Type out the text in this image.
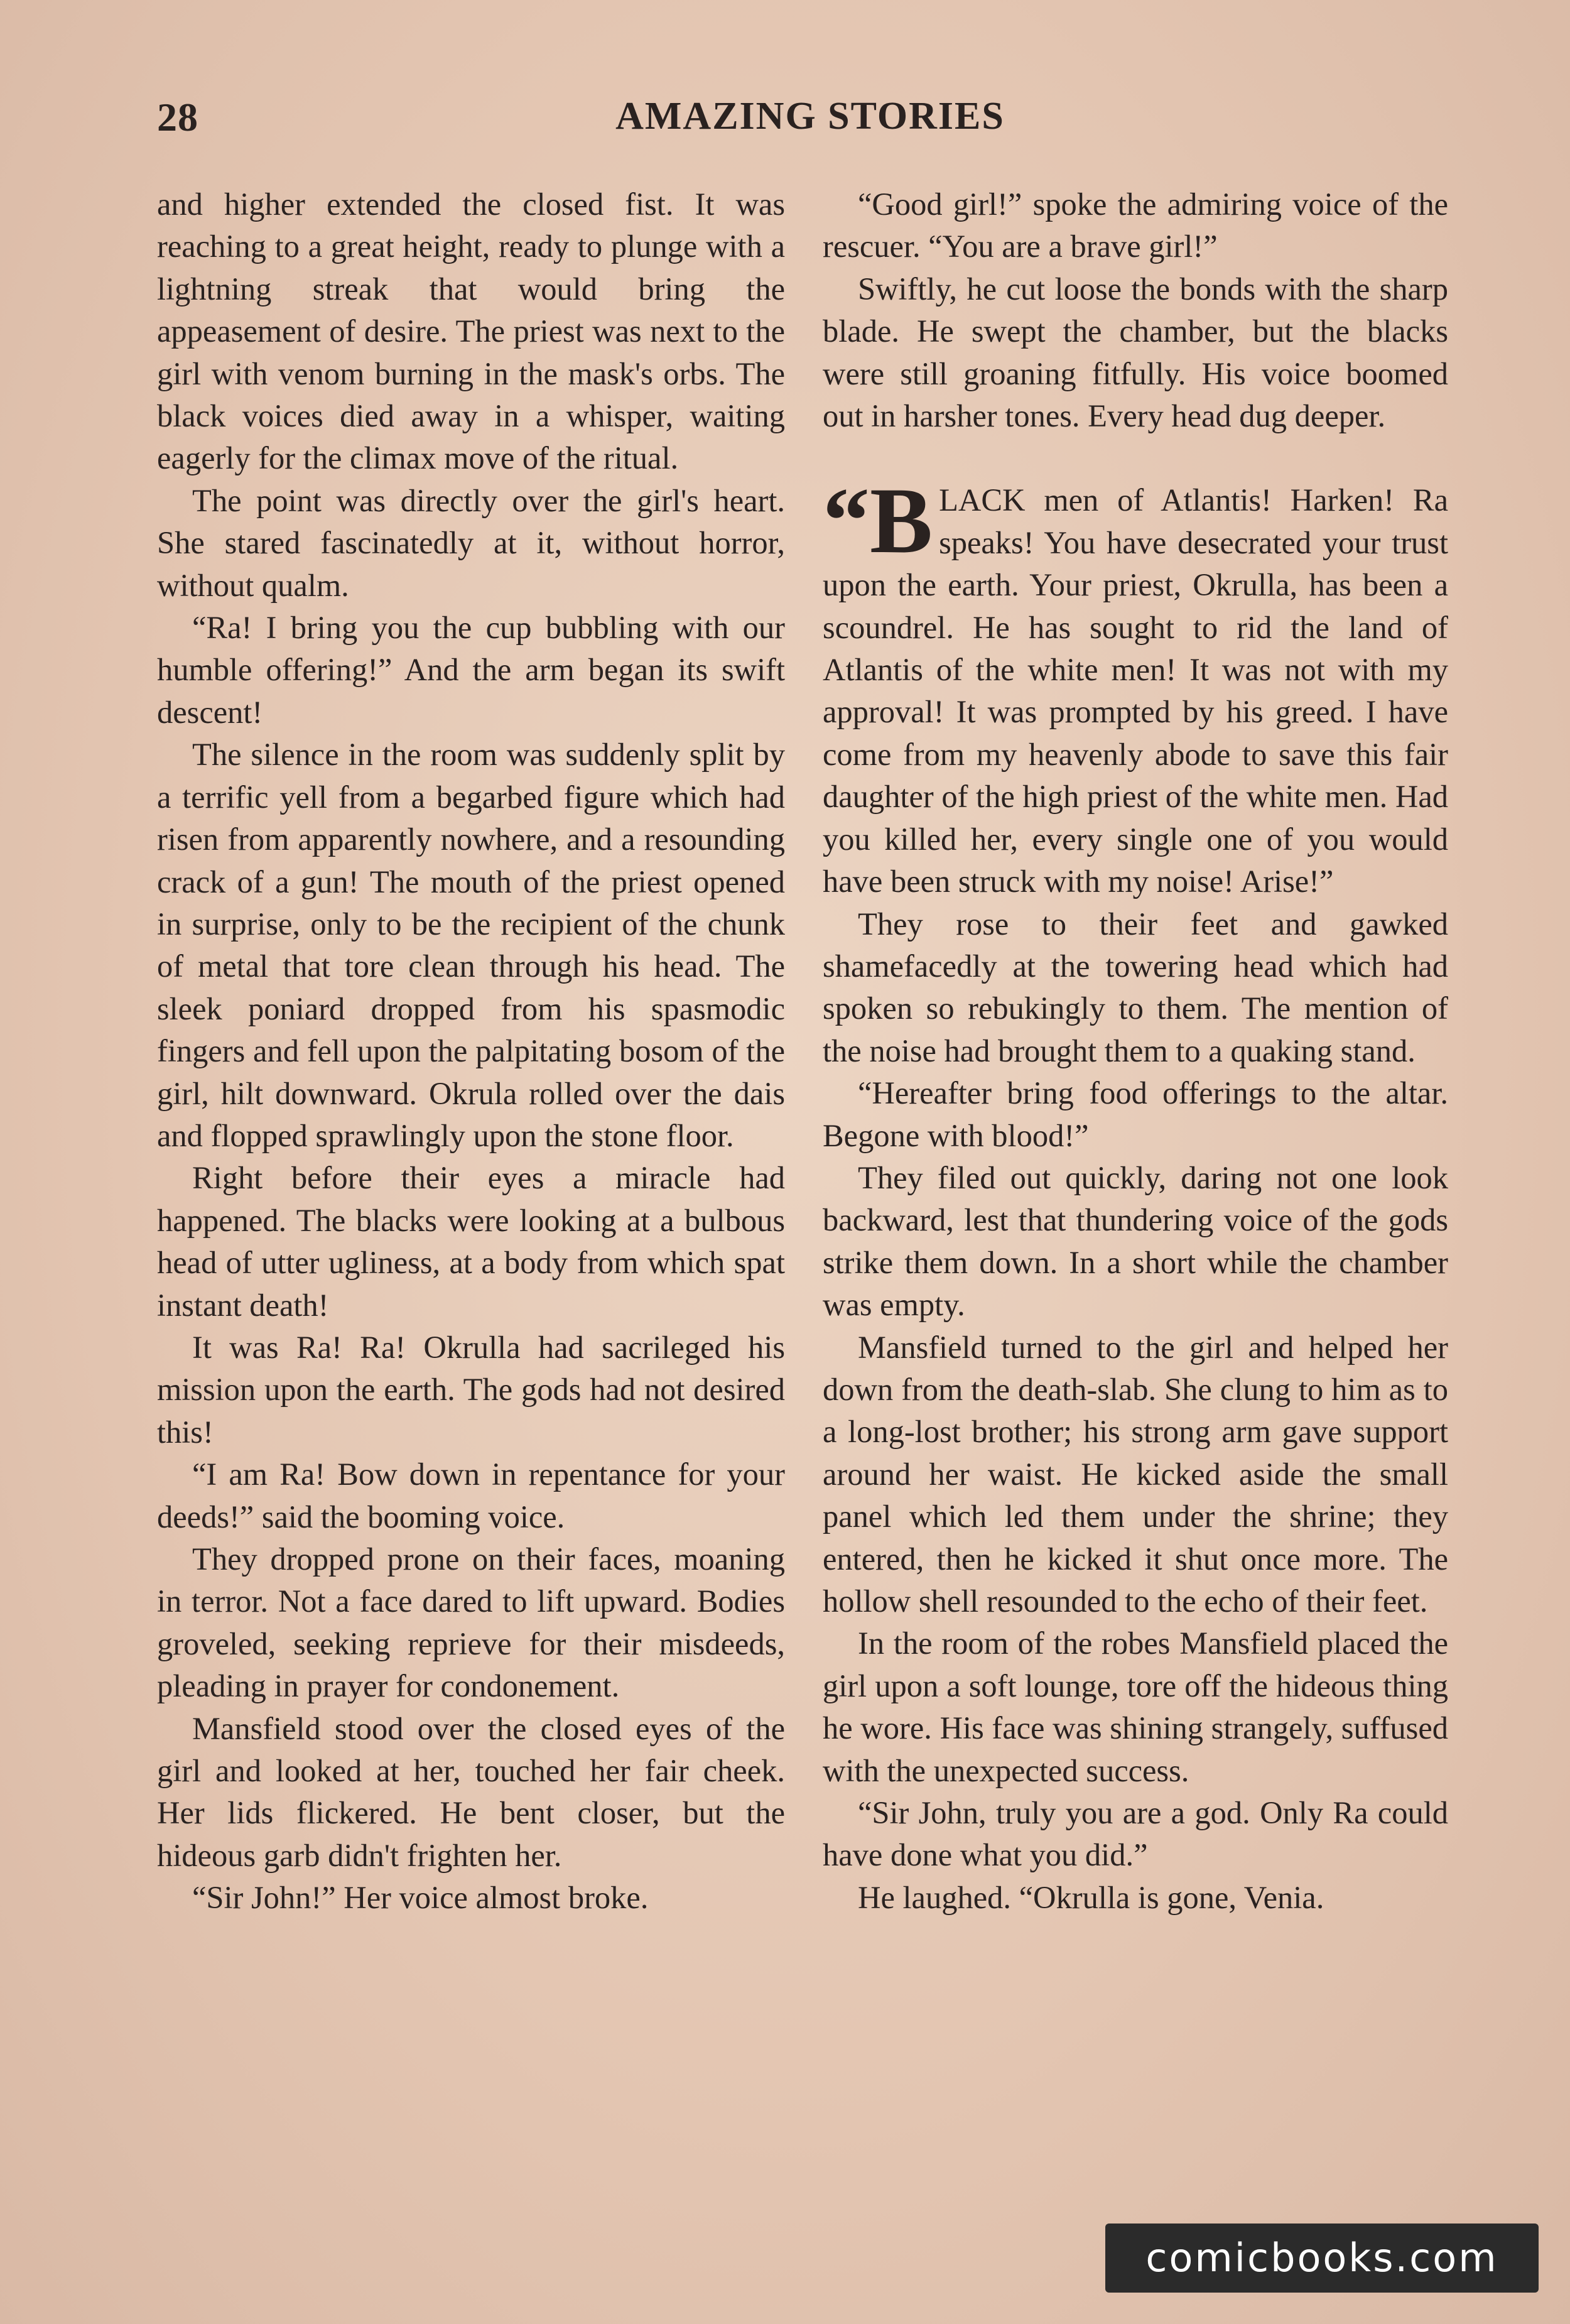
28	AMAZING STORIES

and higher extended the closed fist. It was reaching to a great height, ready to plunge with a lightning streak that would bring the appeasement of desire. The priest was next to the girl with venom burning in the mask's orbs. The black voices died away in a whisper, waiting eagerly for the climax move of the ritual.

The point was directly over the girl's heart. She stared fascinatedly at it, without horror, without qualm.

“Ra! I bring you the cup bubbling with our humble offering!” And the arm began its swift descent!

The silence in the room was suddenly split by a terrific yell from a begarbed figure which had risen from apparently nowhere, and a resounding crack of a gun! The mouth of the priest opened in surprise, only to be the recipient of the chunk of metal that tore clean through his head. The sleek poniard dropped from his spasmodic fingers and fell upon the palpitating bosom of the girl, hilt downward. Okrula rolled over the dais and flopped sprawlingly upon the stone floor.

Right before their eyes a miracle had happened. The blacks were looking at a bulbous head of utter ugliness, at a body from which spat instant death!

It was Ra! Ra! Okrulla had sacrileged his mission upon the earth. The gods had not desired this!

“I am Ra! Bow down in repentance for your deeds!” said the booming voice.

They dropped prone on their faces, moaning in terror. Not a face dared to lift upward. Bodies groveled, seeking reprieve for their misdeeds, pleading in prayer for condonement.

Mansfield stood over the closed eyes of the girl and looked at her, touched her fair cheek. Her lids flickered. He bent closer, but the hideous garb didn't frighten her.

“Sir John!” Her voice almost broke.

“Good girl!” spoke the admiring voice of the rescuer. “You are a brave girl!”

Swiftly, he cut loose the bonds with the sharp blade. He swept the chamber, but the blacks were still groaning fitfully. His voice boomed out in harsher tones. Every head dug deeper.

“B LACK men of Atlantis! Harken! Ra speaks! You have desecrated your trust upon the earth. Your priest, Okrulla, has been a scoundrel. He has sought to rid the land of Atlantis of the white men! It was not with my approval! It was prompted by his greed. I have come from my heavenly abode to save this fair daughter of the high priest of the white men. Had you killed her, every single one of you would have been struck with my noise! Arise!”

They rose to their feet and gawked shamefacedly at the towering head which had spoken so rebukingly to them. The mention of the noise had brought them to a quaking stand.

“Hereafter bring food offerings to the altar. Begone with blood!”

They filed out quickly, daring not one look backward, lest that thundering voice of the gods strike them down. In a short while the chamber was empty.

Mansfield turned to the girl and helped her down from the death-slab. She clung to him as to a long-lost brother; his strong arm gave support around her waist. He kicked aside the small panel which led them under the shrine; they entered, then he kicked it shut once more. The hollow shell resounded to the echo of their feet.

In the room of the robes Mansfield placed the girl upon a soft lounge, tore off the hideous thing he wore. His face was shining strangely, suffused with the unexpected success.

“Sir John, truly you are a god. Only Ra could have done what you did.”

He laughed. “Okrulla is gone, Venia.

comicbooks.com
